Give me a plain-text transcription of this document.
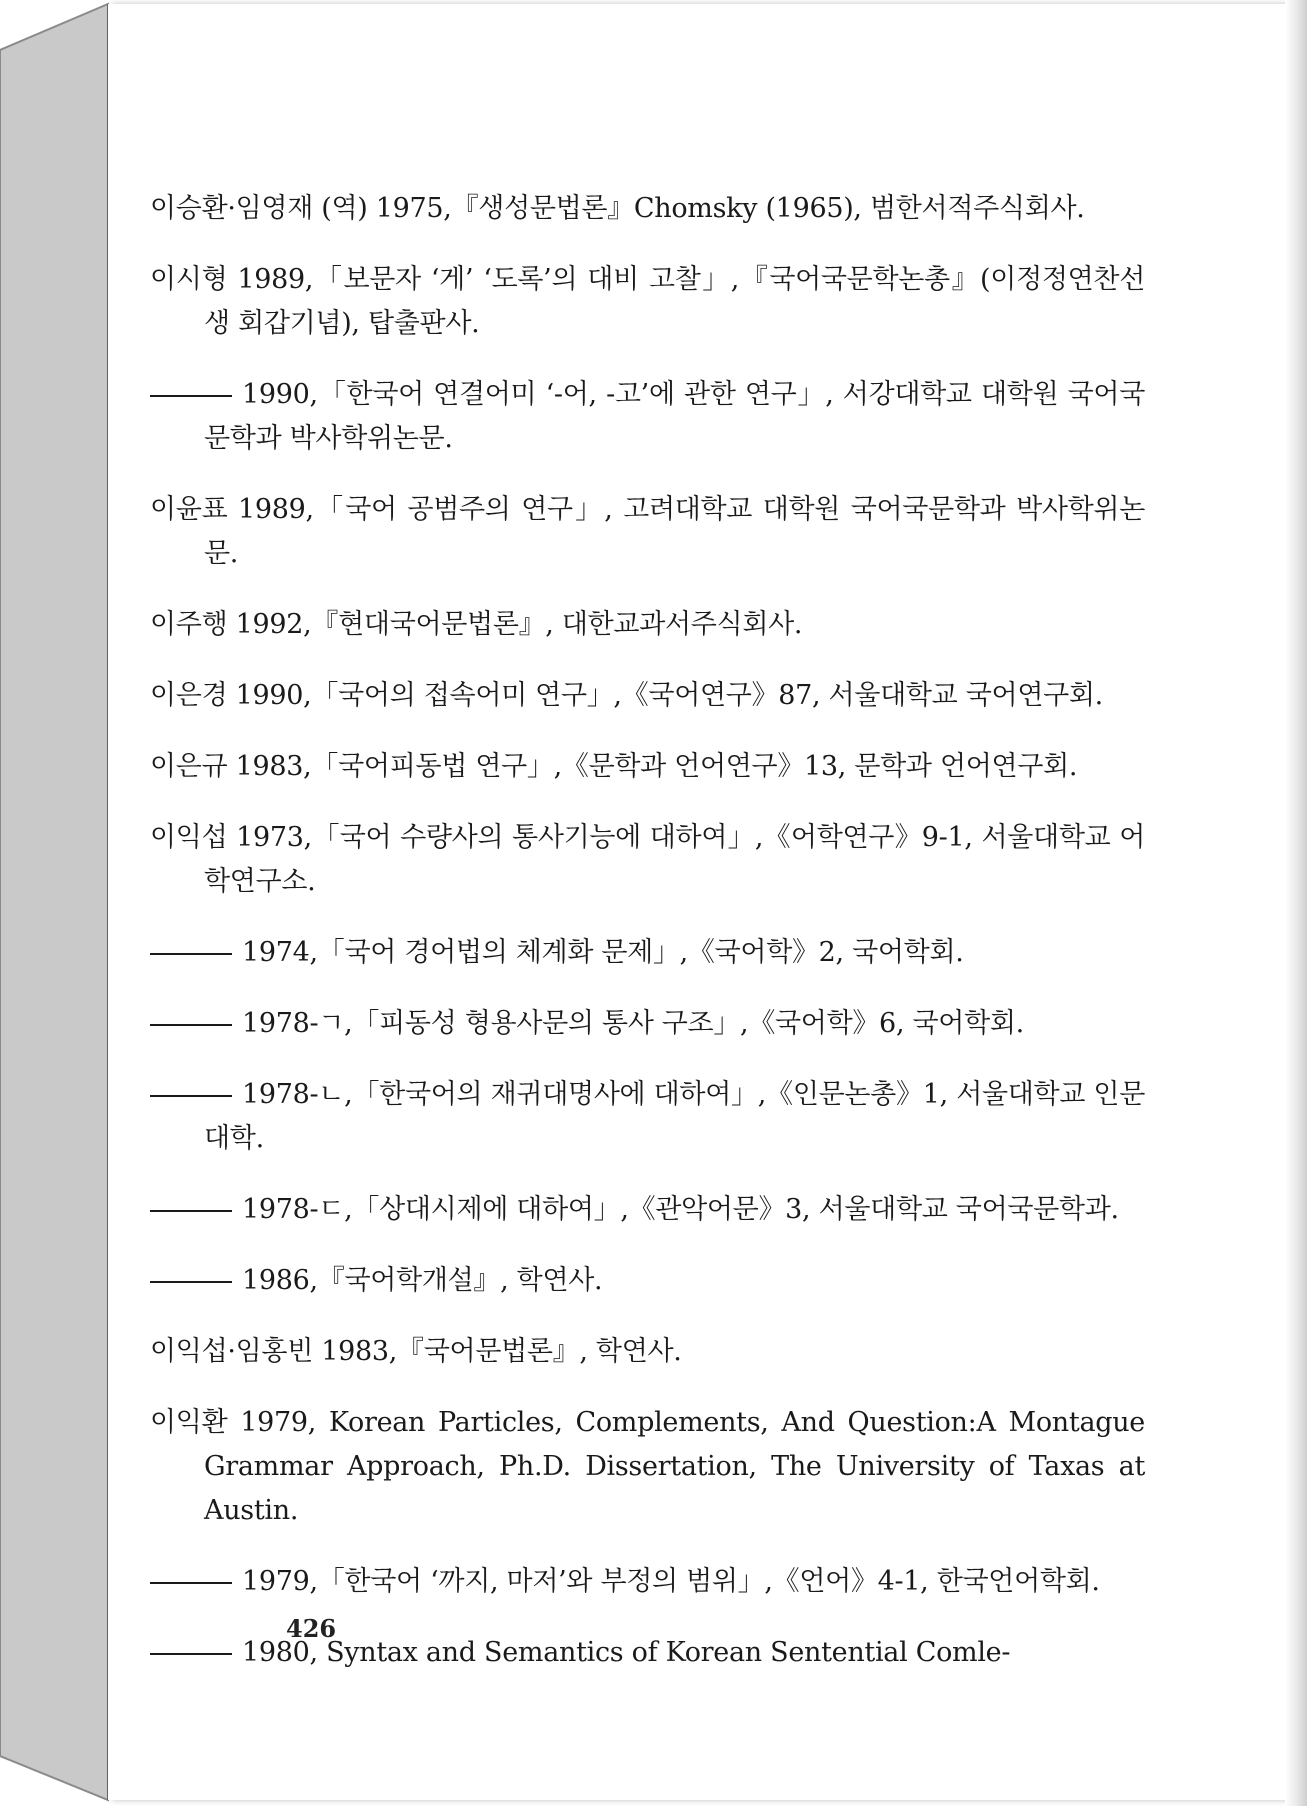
이승환·임영재 (역) 1975,『생성문법론』Chomsky (1965), 범한서적주식회사.

이시형 1989,「보문자 ‘게’ ‘도록’의 대비 고찰」,『국어국문학논총』(이정정연찬선생 회갑기념), 탑출판사.

1990,「한국어 연결어미 ‘-어, -고’에 관한 연구」, 서강대학교 대학원 국어국문학과 박사학위논문.

이윤표 1989,「국어 공범주의 연구」, 고려대학교 대학원 국어국문학과 박사학위논문.

이주행 1992,『현대국어문법론』, 대한교과서주식회사.

이은경 1990,「국어의 접속어미 연구」,《국어연구》87, 서울대학교 국어연구회.

이은규 1983,「국어피동법 연구」,《문학과 언어연구》13, 문학과 언어연구회.

이익섭 1973,「국어 수량사의 통사기능에 대하여」,《어학연구》9-1, 서울대학교 어학연구소.

1974,「국어 경어법의 체계화 문제」,《국어학》2, 국어학회.

1978-ㄱ,「피동성 형용사문의 통사 구조」,《국어학》6, 국어학회.

1978-ㄴ,「한국어의 재귀대명사에 대하여」,《인문논총》1, 서울대학교 인문대학.

1978-ㄷ,「상대시제에 대하여」,《관악어문》3, 서울대학교 국어국문학과.

1986,『국어학개설』, 학연사.

이익섭·임홍빈 1983,『국어문법론』, 학연사.

이익환 1979, Korean Particles, Complements, And Question:A Montague Grammar Approach, Ph.D. Dissertation, The University of Taxas at Austin.

1979,「한국어 ‘까지, 마저’와 부정의 범위」,《언어》4-1, 한국언어학회.

1980, Syntax and Semantics of Korean Sentential Comle-

426
